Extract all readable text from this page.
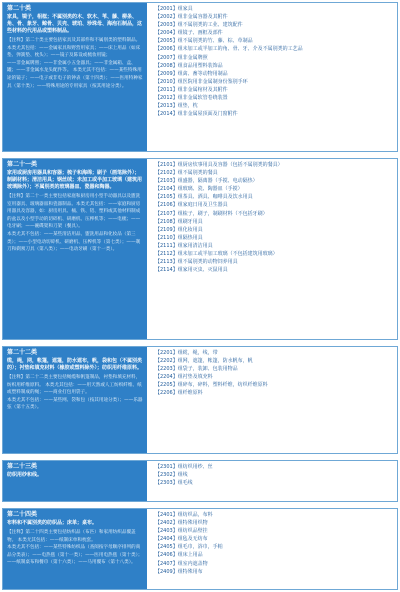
第二十类
家具，镜子，相框；不属别类的木、软木、苇、藤、柳条、角、骨、象牙、鲸骨、贝壳、琥珀、珍珠母、海泡石制品，这些材料的代用品或塑料制品。

【注释】第二十类主要包括家具及其部件和不属别类的塑料制品。 本类尤其包括：——金属家具和野营用家具；——床上用品（如床垫、弹簧垫、枕头）；——镜子及陈设或梳妆用镜；

——非金属牌照；——非金属小五金器具；——非金属箱、盒、罐；——非金属水龙头配件等。 本类尤其不包括：——某些特殊用途的镜子；——电子或非电子的钟表（第十四类）；——医用特种家具（第十类）；——特殊用途的专用家具（按其用途分类）。

【2001】组 家具
【2002】组 非金属容器及其附件
【2003】组 不属别类的工业、建筑配件
【2004】组 镜子、画框及部件
【2005】组 不属别类的竹、藤、棕、草制品
【2006】组 未加工或半加工的角、骨、牙、介及不属别类的工艺品
【2007】组 非金属牌照
【2008】组 食品用塑料装饰品
【2009】组 禽、畜等动物用制品
【2010】组 医院用非金属制身份鉴别手环
【2011】组 非金属棺材及其附件
【2012】组 非金属软管卷绕装置
【2013】组 垫，枕
【2014】组 非金属屋顶面及门窗附件
第二十一类
家用或厨房用器具和容器；梳子和海绵；刷子（画笔除外）；制刷材料；清洁用具；钢丝绒；未加工或半加工玻璃（建筑用玻璃除外）；不属别类的玻璃器皿、瓷器和陶器。

【注释】第二十一类主要包括家庭和厨房用小型手动器具以及盥洗室用器具、玻璃器皿和瓷器制品。本类尤其包括：——家庭和厨房用器具及容器，如：厨房用具、桶、铁、铝、塑料或其他材料制成的盆以及小型手动的切碎机、研磨机、压榨机等；——电梳；——电牙刷；——碗碟架和刀架（餐具）。

本类尤其不包括：——某些清洁用品、盥洗用品和化妆品（第三类）；——小型电动切碎机、研磨机、压榨机等（第七类）；——剃刀和剃须刀具（第八类）；——电动牙刷（第十一类）。

【2101】组 厨房炊事用具及容器（包括不属别类的餐具）
【2102】组 不属别类的餐具
【2103】组 盛器，隔离器（手搅、电动隔热）
【2104】组 玻璃、瓷、陶器皿（手搅）
【2105】组 茶具、酒具、咖啡具及饮水用具
【2106】组 家庭日用及卫生器具
【2107】组 梳子，刷子，制刷材料（不包括牙刷）
【2108】组 刷牙用具
【2109】组 化妆用具
【2110】组 隔热用具
【2111】组 家用清洁用具
【2112】组 未加工或半加工玻璃（不包括建筑用玻璃）
【2113】组 不属别类的动物饲养用具
【2114】组 家用灭虫、灭鼠用具
第二十二类
缆，绳，网，帐篷，遮篷，防水遮布，帆，袋和包（不属别类的）；衬垫和填充材料（橡胶或塑料除外）；纺织用纤维原料。

【注释】第二十二类主要包括绳缆和帆篷制品，衬垫和填充材料，纺织用纤维原料。 本类尤其包括：——用天然或人工纺织纤维、纸或塑料制成的绳；——商业打包用袋子。

本类尤其不包括：——某些网、袋和包（按其用途分类）；——乐器弦（第十五类）。

【2201】组 缆，绳，线，带
【2202】组 网，遮篷，帐篷，防水帆布，帆
【2203】组 袋子，装卸、包装用物品
【2204】组 衬垫及填充料
【2205】组 碎布，碎料，塑料纤维，纺织纤维原料
【2206】组 纤维原料
第二十三类
纺织用纱和线。
【2301】组 纺织用纱、丝
【2302】组 线
【2303】组 毛线
第二十四类
布料和不属别类的纺织品；床单；桌布。

【注释】第二十四类主要包括纺织品（布匹）和家用纺织品覆盖物。 本类尤其包括：——纸制床单和枕套。

本类尤其不包括：——某些特殊纺织品（查阅按字母顺序排列的商品分类表）；——电热毯（第十一类）；——医用电热毯（第十类）；——纸制桌布和餐巾（第十六类）；——马用覆布（第十八类）。

【2401】组 纺织品，布料
【2402】组 特殊用织物
【2403】组 纺织品壁挂
【2404】组 毡及无纺布
【2405】组 毛巾，浴巾，手帕
【2406】组 床上用品
【2407】组 室内遮盖物
【2409】组 特殊用布
